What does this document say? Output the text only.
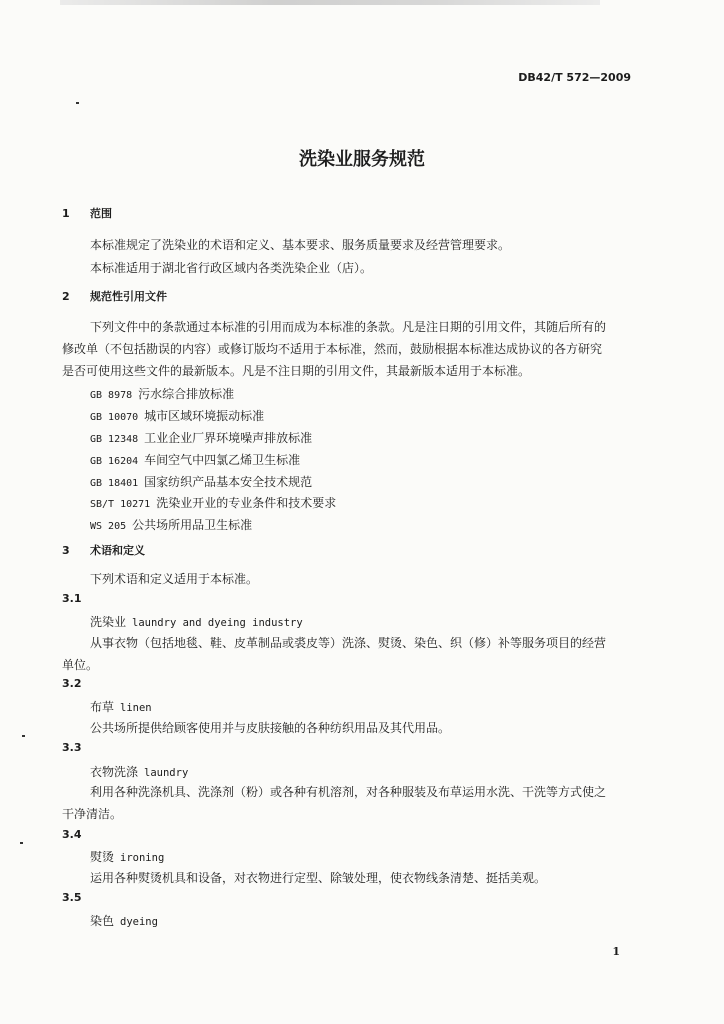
DB42/T 572—2009
洗染业服务规范
1 范围
本标准规定了洗染业的术语和定义、基本要求、服务质量要求及经营管理要求。
本标准适用于湖北省行政区域内各类洗染企业（店）。
2 规范性引用文件
下列文件中的条款通过本标准的引用而成为本标准的条款。凡是注日期的引用文件，其随后所有的
修改单（不包括勘误的内容）或修订版均不适用于本标准，然而，鼓励根据本标准达成协议的各方研究
是否可使用这些文件的最新版本。凡是不注日期的引用文件，其最新版本适用于本标准。
GB 8978 污水综合排放标准
GB 10070 城市区域环境振动标准
GB 12348 工业企业厂界环境噪声排放标准
GB 16204 车间空气中四氯乙烯卫生标准
GB 18401 国家纺织产品基本安全技术规范
SB/T 10271 洗染业开业的专业条件和技术要求
WS 205 公共场所用品卫生标准
3 术语和定义
下列术语和定义适用于本标准。
3.1
洗染业 laundry and dyeing industry
从事衣物（包括地毯、鞋、皮革制品或裘皮等）洗涤、熨烫、染色、织（修）补等服务项目的经营
单位。
3.2
布草 linen
公共场所提供给顾客使用并与皮肤接触的各种纺织用品及其代用品。
3.3
衣物洗涤 laundry
利用各种洗涤机具、洗涤剂（粉）或各种有机溶剂，对各种服装及布草运用水洗、干洗等方式使之
干净清洁。
3.4
熨烫 ironing
运用各种熨烫机具和设备，对衣物进行定型、除皱处理，使衣物线条清楚、挺括美观。
3.5
染色 dyeing
1
